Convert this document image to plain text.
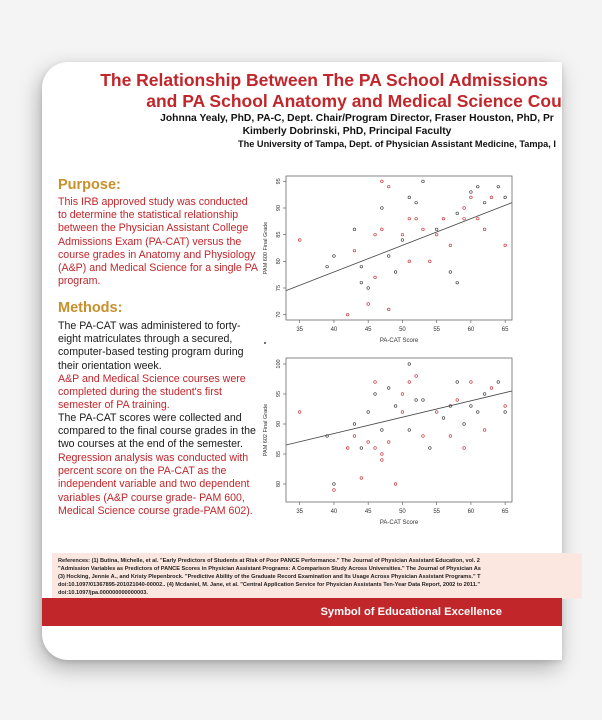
The Relationship Between The PA School Admissions
and PA School Anatomy and Medical Science Cou
Johnna Yealy, PhD, PA-C, Dept. Chair/Program Director, Fraser Houston, PhD, Pr
Kimberly Dobrinski, PhD, Principal Faculty
The University of Tampa, Dept. of Physician Assistant Medicine, Tampa, I
Purpose:

This IRB approved study was conducted to determine the statistical relationship between the Physician Assistant College Admissions Exam (PA-CAT) versus the course grades in Anatomy and Physiology (A&P) and Medical Science for a single PA program.

Methods:

The PA-CAT was administered to forty-eight matriculates through a secured, computer-based testing program during their orientation week.

A&P and Medical Science courses were completed during the student's first semester of PA training.

The PA-CAT scores were collected and compared to the final course grades in the two courses at the end of the semester.

Regression analysis was conducted with percent score on the PA-CAT as the independent variable and two dependent variables (A&P course grade- PAM 600, Medical Science course grade-PAM 602).

35	40	45	50	55	60	65
70
75
80
85
90
95
PA-CAT Score
PAM 600 Final Grade
35	40	45	50	55	60	65
80
85
90
95
100
PA-CAT Score
PAM 602 Final Grade
References: (1) Butina, Michelle, et al. "Early Predictors of Students at Risk of Poor PANCE Performance." The Journal of Physician Assistant Education, vol. 2
"Admission Variables as Predictors of PANCE Scores in Physician Assistant Programs: A Comparison Study Across Universities." The Journal of Physician As
(3) Hocking, Jennie A., and Kristy Plepenbrock. "Predictive Ability of the Graduate Record Examination and Its Usage Across Physician Assistant Programs." T
doi:10.1097/01367895-201021040-00002.. (4) Mcdaniel, M. Jane, et al. "Central Application Service for Physician Assistants Ten-Year Data Report, 2002 to 2011."
doi:10.1097/jpa.000000000000003.
Symbol of Educational Excellence
